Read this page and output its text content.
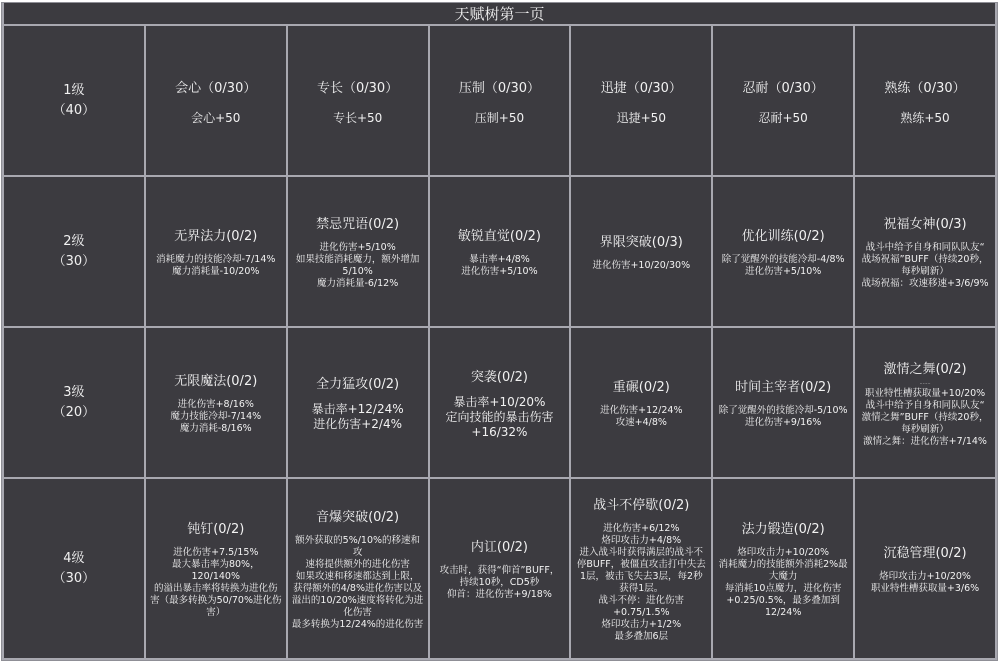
天赋树第一页						

1级
（40）

会心（0/30）
会心+50

专长（0/30）
专长+50

压制（0/30）
压制+50

迅捷（0/30）
迅捷+50

忍耐（0/30）
忍耐+50

熟练（0/30）
熟练+50

2级
（30）

无界法力(0/2)
消耗魔力的技能冷却-7/14%
魔力消耗量-10/20%

禁忌咒语(0/2)
进化伤害+5/10%
如果技能消耗魔力，额外增加
5/10%
魔力消耗量-6/12%

敏锐直觉(0/2)
暴击率+4/8%
进化伤害+5/10%

界限突破(0/3)
进化伤害+10/20/30%

优化训练(0/2)
除了觉醒外的技能冷却-4/8%
进化伤害+5/10%

祝福女神(0/3)
战斗中给予自身和同队队友“
战场祝福”BUFF（持续20秒，
每秒刷新）
战场祝福：攻速移速+3/6/9%

3级
（20）

无限魔法(0/2)
进化伤害+8/16%
魔力技能冷却-7/14%
魔力消耗-8/16%

全力猛攻(0/2)
暴击率+12/24%
进化伤害+2/4%

突袭(0/2)
暴击率+10/20%
定向技能的暴击伤害
+16/32%

重碾(0/2)
进化伤害+12/24%
攻速+4/8%

时间主宰者(0/2)
除了觉醒外的技能冷却-5/10%
进化伤害+9/16%

激情之舞(0/2)
·······
职业特性槽获取量+10/20%
战斗中给予自身和同队队友“
激情之舞”BUFF（持续20秒，
每秒刷新）
激情之舞：进化伤害+7/14%

4级
（30）

钝钉(0/2)
进化伤害+7.5/15%
最大暴击率为80%，120/140%
的溢出暴击率将转换为进化伤
害（最多转换为50/70%进化伤
害）

音爆突破(0/2)
额外获取的5%/10%的移速和攻
速将提供额外的进化伤害
如果攻速和移速都达到上限，
获得额外的4/8%进化伤害以及
溢出的10/20%速度将转化为进
化伤害
最多转换为12/24%的进化伤害

内讧(0/2)
攻击时，获得“仰首”BUFF，
持续10秒，CD5秒
仰首：进化伤害+9/18%

战斗不停歇(0/2)
进化伤害+6/12%
烙印攻击力+4/8%
进入战斗时获得满层的战斗不
停BUFF，被僵直攻击打中失去
1层，被击飞失去3层，每2秒
获得1层。
战斗不停：进化伤害
+0.75/1.5%
烙印攻击力+1/2%
最多叠加6层

法力锻造(0/2)
烙印攻击力+10/20%
消耗魔力的技能额外消耗2%最
大魔力
每消耗10点魔力，进化伤害
+0.25/0.5%，最多叠加到
12/24%

沉稳管理(0/2)
烙印攻击力+10/20%
职业特性槽获取量+3/6%
